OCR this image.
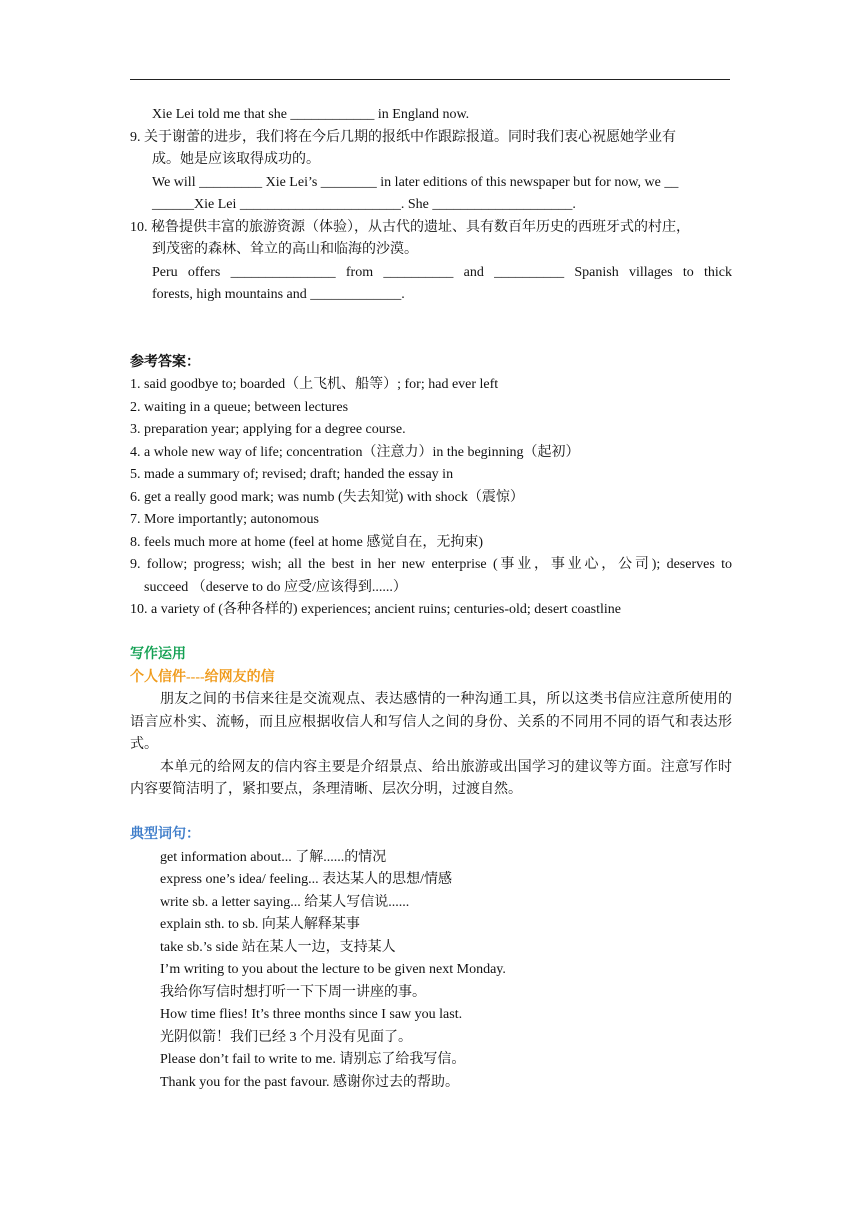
Xie Lei told me that she ____________ in England now.
9. 关于谢蕾的进步，我们将在今后几期的报纸中作跟踪报道。同时我们衷心祝愿她学业有
成。她是应该取得成功的。
We will _________ Xie Lei’s ________ in later editions of this newspaper but for now, we __
______Xie Lei _______________________. She ____________________.
10. 秘鲁提供丰富的旅游资源（体验），从古代的遗址、具有数百年历史的西班牙式的村庄，
到茂密的森林、耸立的高山和临海的沙漠。
Peru offers _______________ from __________ and __________ Spanish villages to thick
forests, high mountains and _____________.
参考答案：
1. said goodbye to; boarded（上飞机、船等）; for; had ever left
2. waiting in a queue; between lectures
3. preparation year; applying for a degree course.
4. a whole new way of life; concentration（注意力）in the beginning（起初）
5. made a summary of; revised; draft; handed the essay in
6. get a really good mark; was numb (失去知觉) with shock（震惊）
7. More importantly; autonomous
8. feels much more at home (feel at home 感觉自在，无拘束)
9. follow; progress; wish; all the best in her new enterprise (事业，事业心，公司); deserves to
succeed （deserve to do 应受/应该得到......）
10. a variety of (各种各样的) experiences; ancient ruins; centuries-old; desert coastline
写作运用
个人信件----给网友的信
朋友之间的书信来往是交流观点、表达感情的一种沟通工具，所以这类书信应注意所使用的语言应朴实、流畅，而且应根据收信人和写信人之间的身份、关系的不同用不同的语气和表达形式。
本单元的给网友的信内容主要是介绍景点、给出旅游或出国学习的建议等方面。注意写作时内容要简洁明了，紧扣要点，条理清晰、层次分明，过渡自然。
典型词句：
get information about... 了解......的情况
express one’s idea/ feeling... 表达某人的思想/情感
write sb. a letter saying... 给某人写信说......
explain sth. to sb. 向某人解释某事
take sb.’s side 站在某人一边，支持某人
I’m writing to you about the lecture to be given next Monday.
我给你写信时想打听一下下周一讲座的事。
How time flies! It’s three months since I saw you last.
光阴似箭！我们已经 3 个月没有见面了。
Please don’t fail to write to me. 请别忘了给我写信。
Thank you for the past favour. 感谢你过去的帮助。
